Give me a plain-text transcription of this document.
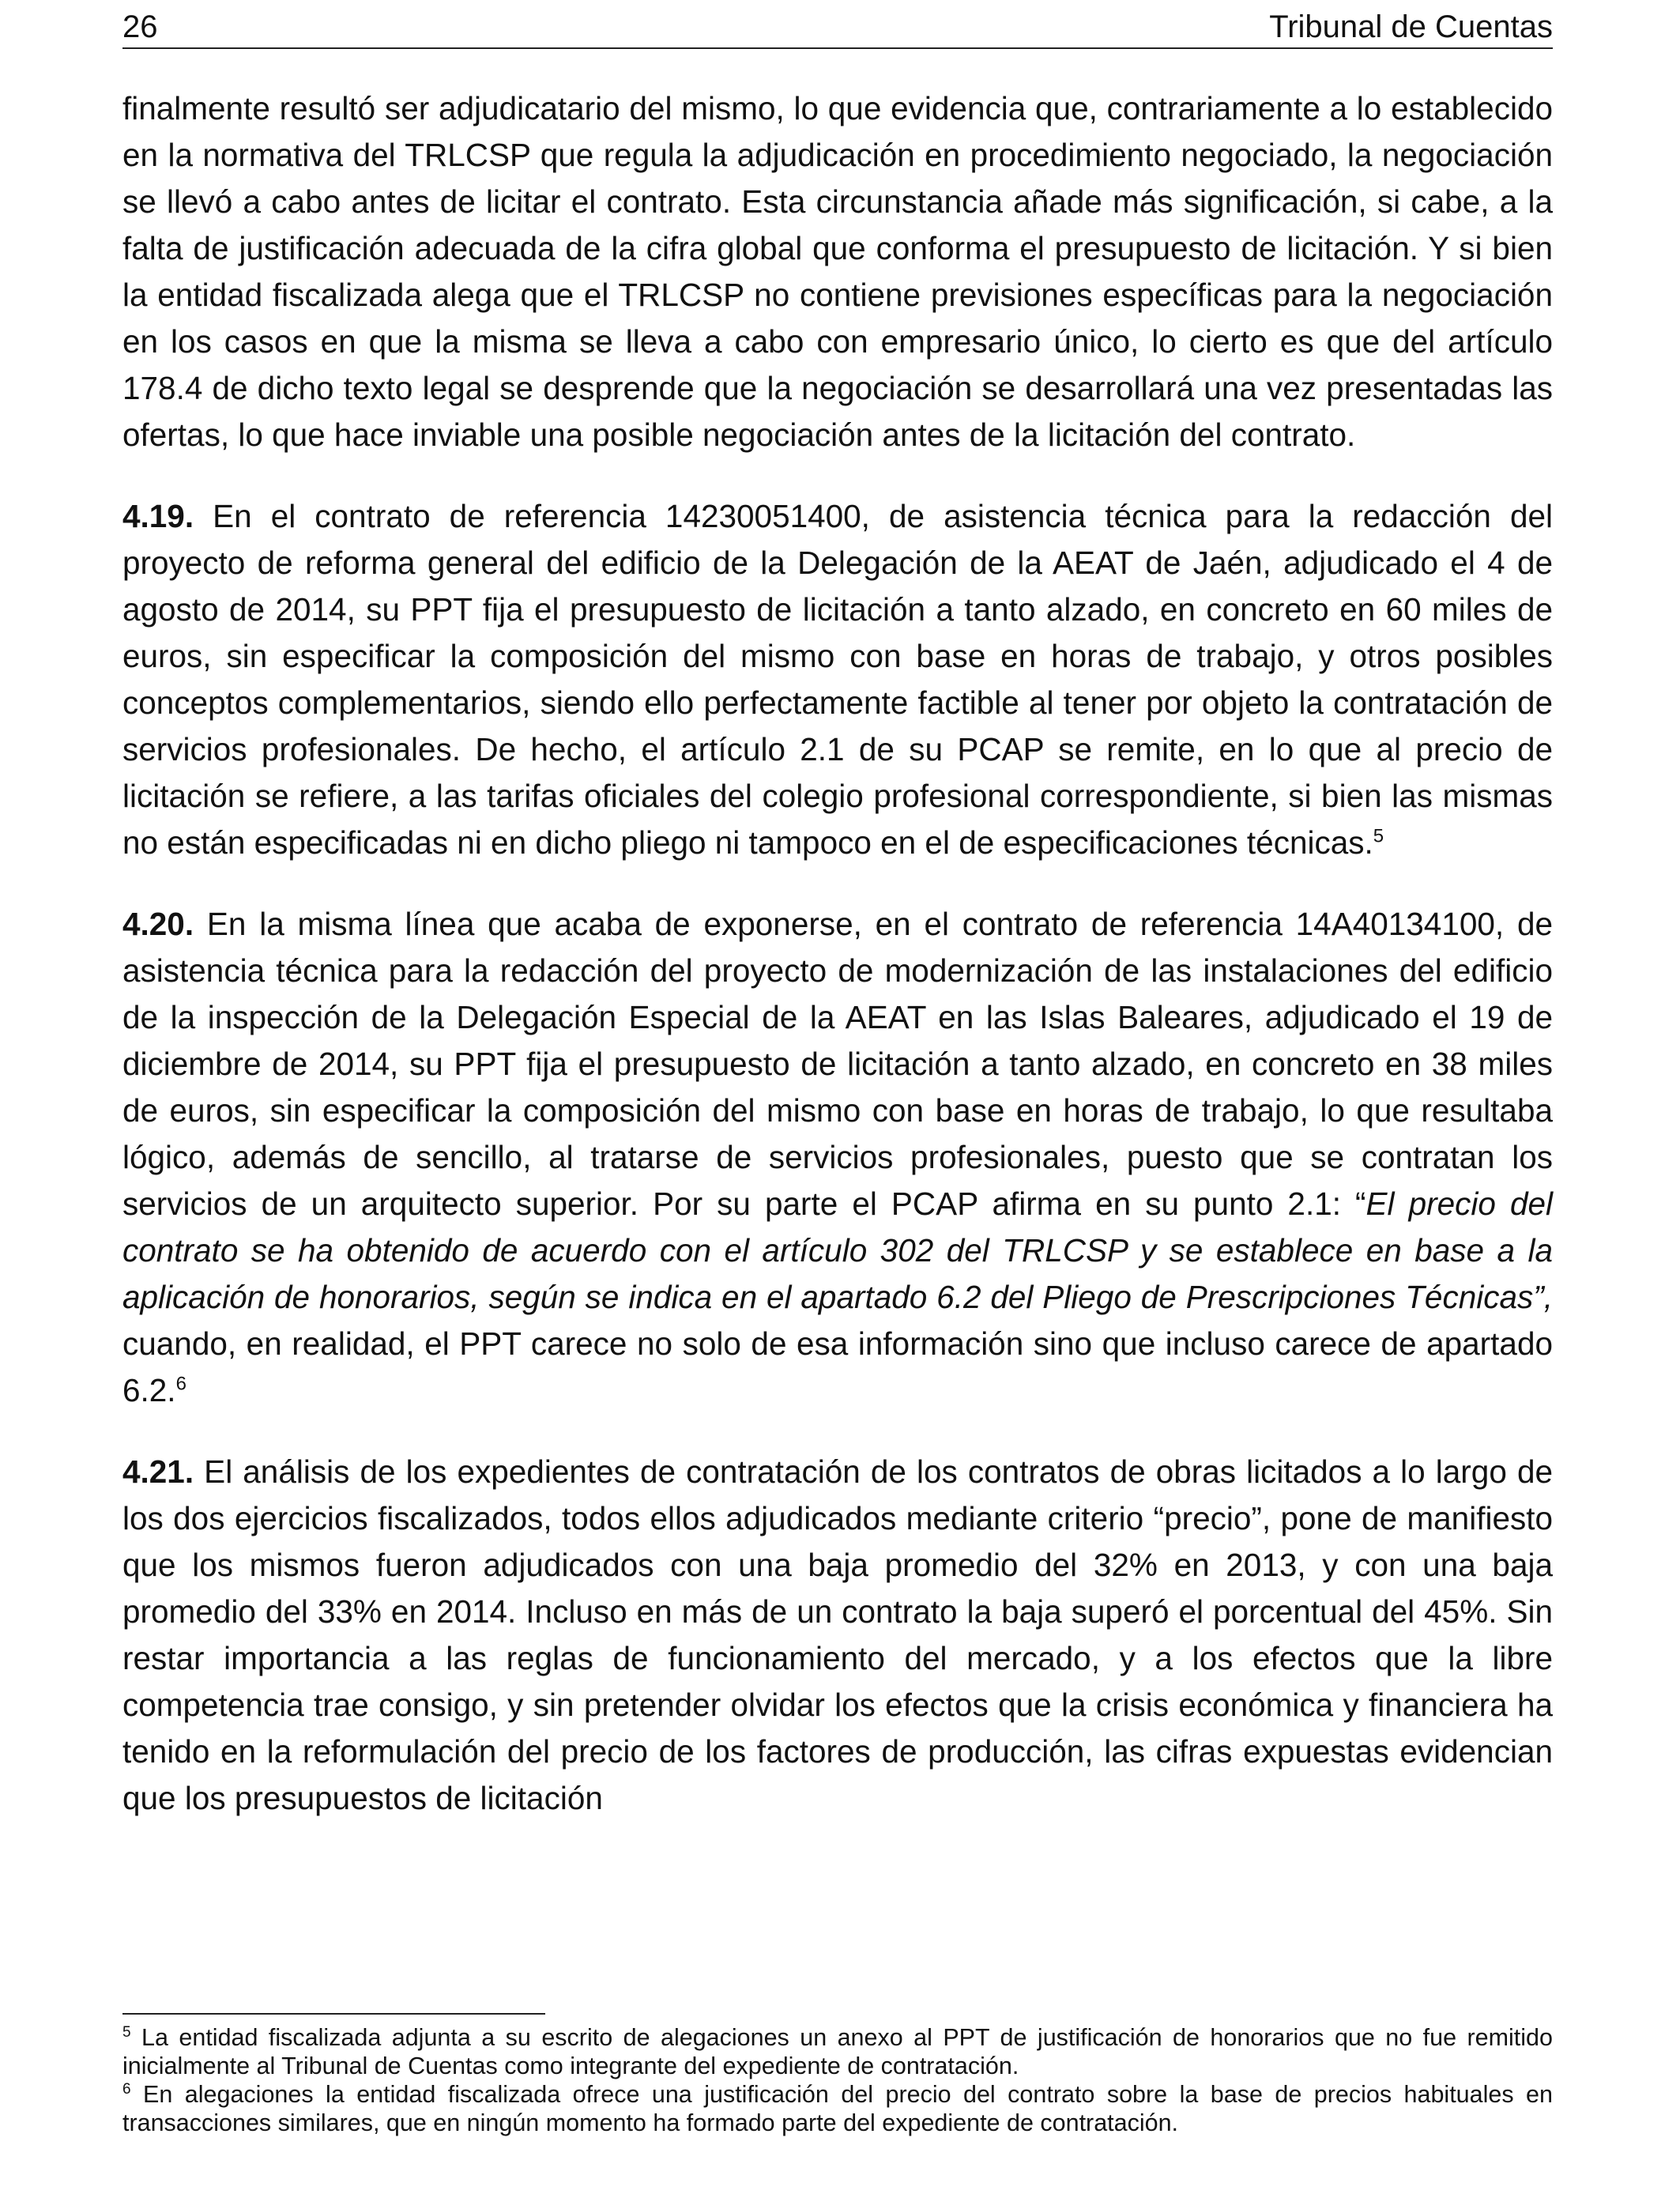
26	Tribunal de Cuentas

finalmente resultó ser adjudicatario del mismo, lo que evidencia que, contrariamente a lo establecido en la normativa del TRLCSP que regula la adjudicación en procedimiento negociado, la negociación se llevó a cabo antes de licitar el contrato. Esta circunstancia añade más significación, si cabe, a la falta de justificación adecuada de la cifra global que conforma el presupuesto de licitación. Y si bien la entidad fiscalizada alega que el TRLCSP no contiene previsiones específicas para la negociación en los casos en que la misma se lleva a cabo con empresario único, lo cierto es que del artículo 178.4 de dicho texto legal se desprende que la negociación se desarrollará una vez presentadas las ofertas, lo que hace inviable una posible negociación antes de la licitación del contrato.

4.19. En el contrato de referencia 14230051400, de asistencia técnica para la redacción del proyecto de reforma general del edificio de la Delegación de la AEAT de Jaén, adjudicado el 4 de agosto de 2014, su PPT fija el presupuesto de licitación a tanto alzado, en concreto en 60 miles de euros, sin especificar la composición del mismo con base en horas de trabajo, y otros posibles conceptos complementarios, siendo ello perfectamente factible al tener por objeto la contratación de servicios profesionales. De hecho, el artículo 2.1 de su PCAP se remite, en lo que al precio de licitación se refiere, a las tarifas oficiales del colegio profesional correspondiente, si bien las mismas no están especificadas ni en dicho pliego ni tampoco en el de especificaciones técnicas.$^5$

4.20. En la misma línea que acaba de exponerse, en el contrato de referencia 14A40134100, de asistencia técnica para la redacción del proyecto de modernización de las instalaciones del edificio de la inspección de la Delegación Especial de la AEAT en las Islas Baleares, adjudicado el 19 de diciembre de 2014, su PPT fija el presupuesto de licitación a tanto alzado, en concreto en 38 miles de euros, sin especificar la composición del mismo con base en horas de trabajo, lo que resultaba lógico, además de sencillo, al tratarse de servicios profesionales, puesto que se contratan los servicios de un arquitecto superior. Por su parte el PCAP afirma en su punto 2.1: “El precio del contrato se ha obtenido de acuerdo con el artículo 302 del TRLCSP y se establece en base a la aplicación de honorarios, según se indica en el apartado 6.2 del Pliego de Prescripciones Técnicas”, cuando, en realidad, el PPT carece no solo de esa información sino que incluso carece de apartado 6.2.$^6$

4.21. El análisis de los expedientes de contratación de los contratos de obras licitados a lo largo de los dos ejercicios fiscalizados, todos ellos adjudicados mediante criterio “precio”, pone de manifiesto que los mismos fueron adjudicados con una baja promedio del 32% en 2013, y con una baja promedio del 33% en 2014. Incluso en más de un contrato la baja superó el porcentual del 45%. Sin restar importancia a las reglas de funcionamiento del mercado, y a los efectos que la libre competencia trae consigo, y sin pretender olvidar los efectos que la crisis económica y financiera ha tenido en la reformulación del precio de los factores de producción, las cifras expuestas evidencian que los presupuestos de licitación

$^5$ La entidad fiscalizada adjunta a su escrito de alegaciones un anexo al PPT de justificación de honorarios que no fue remitido inicialmente al Tribunal de Cuentas como integrante del expediente de contratación.

$^6$ En alegaciones la entidad fiscalizada ofrece una justificación del precio del contrato sobre la base de precios habituales en transacciones similares, que en ningún momento ha formado parte del expediente de contratación.
